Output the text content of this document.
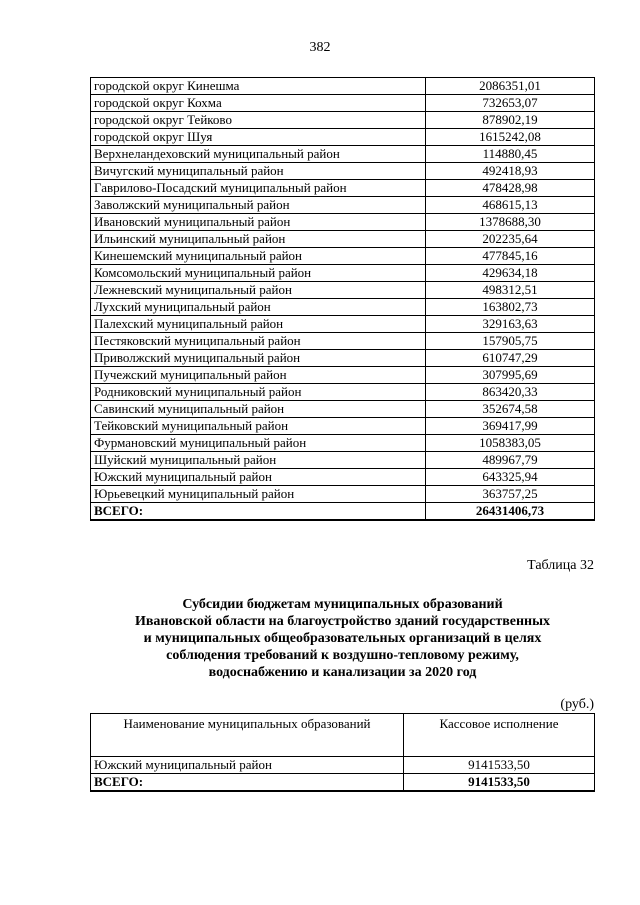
382
городской округ Кинешма	2086351,01
городской округ Кохма	732653,07
городской округ Тейково	878902,19
городской округ Шуя	1615242,08
Верхнеландеховский муниципальный район	114880,45
Вичугский муниципальный район	492418,93
Гаврилово-Посадский муниципальный район	478428,98
Заволжский муниципальный район	468615,13
Ивановский муниципальный район	1378688,30
Ильинский муниципальный район	202235,64
Кинешемский муниципальный район	477845,16
Комсомольский муниципальный район	429634,18
Лежневский муниципальный район	498312,51
Лухский муниципальный район	163802,73
Палехский муниципальный район	329163,63
Пестяковский муниципальный район	157905,75
Приволжский муниципальный район	610747,29
Пучежский муниципальный район	307995,69
Родниковский муниципальный район	863420,33
Савинский муниципальный район	352674,58
Тейковский муниципальный район	369417,99
Фурмановский муниципальный район	1058383,05
Шуйский муниципальный район	489967,79
Южский муниципальный район	643325,94
Юрьевецкий муниципальный район	363757,25
ВСЕГО:	26431406,73
Таблица 32
Субсидии бюджетам муниципальных образований
Ивановской области на благоустройство зданий государственных
и муниципальных общеобразовательных организаций в целях
соблюдения требований к воздушно-тепловому режиму,
водоснабжению и канализации за 2020 год
(руб.)
Наименование муниципальных образований	Кассовое исполнение
Южский муниципальный район	9141533,50
ВСЕГО:	9141533,50
